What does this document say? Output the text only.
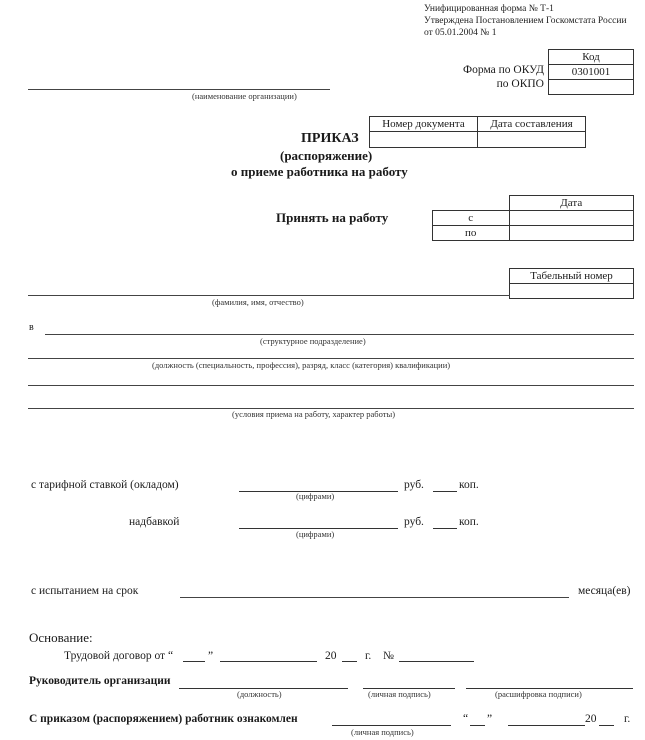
Унифицированная форма № Т-1
Утверждена Постановлением Госкомстата России
от 05.01.2004 № 1
Код
0301001

Форма по ОКУД
по ОКПО
(наименование организации)
Номер документа	Дата составления

ПРИКАЗ
(распоряжение)
о приеме работника на работу
Принять на работу
	Дата
с	
по	
Табельный номер

(фамилия, имя, отчество)
в
(структурное подразделение)
(должность (специальность, профессия), разряд, класс (категория) квалификации)
(условия приема на работу, характер работы)
с тарифной ставкой (окладом)
(цифрами)
руб.	коп.
надбавкой
(цифрами)
руб.	коп.
с испытанием на срок	месяца(ев)
Основание:
Трудовой договор от “	”	20 г. №
Руководитель организации
(должность)	(личная подпись)	(расшифровка подписи)
С приказом (распоряжением) работник ознакомлен
(личная подпись)
“ ”	20 г.
